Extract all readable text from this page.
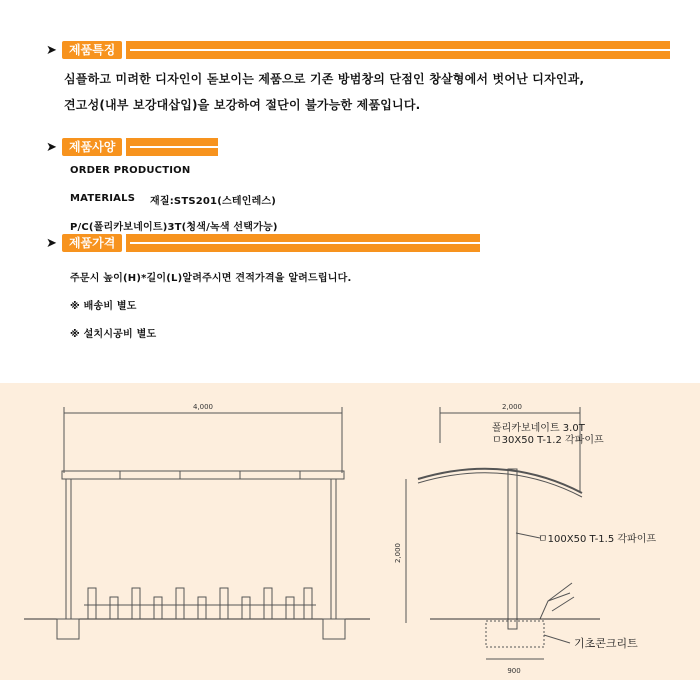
➤	제품특징
심플하고 미려한 디자인이 돋보이는 제품으로 기존 방범창의 단점인 창살형에서 벗어난 디자인과,
견고성(내부 보강대삽입)을 보강하여 절단이 불가능한 제품입니다.
➤	제품사양
ORDER PRODUCTION
MATERIALS 재질:STS201(스테인레스)
P/C(폴리카보네이트)3T(청색/녹색 선택가능)
➤	제품가격
주문시 높이(H)*길이(L)알려주시면 견적가격을 알려드립니다.
※ 배송비 별도
※ 설치시공비 별도
4,000	2,000
2,000
900
폴리카보네이트 3.0T
ㅁ30X50 T-1.2 각파이프
ㅁ100X50 T-1.5 각파이프
기초콘크리트
